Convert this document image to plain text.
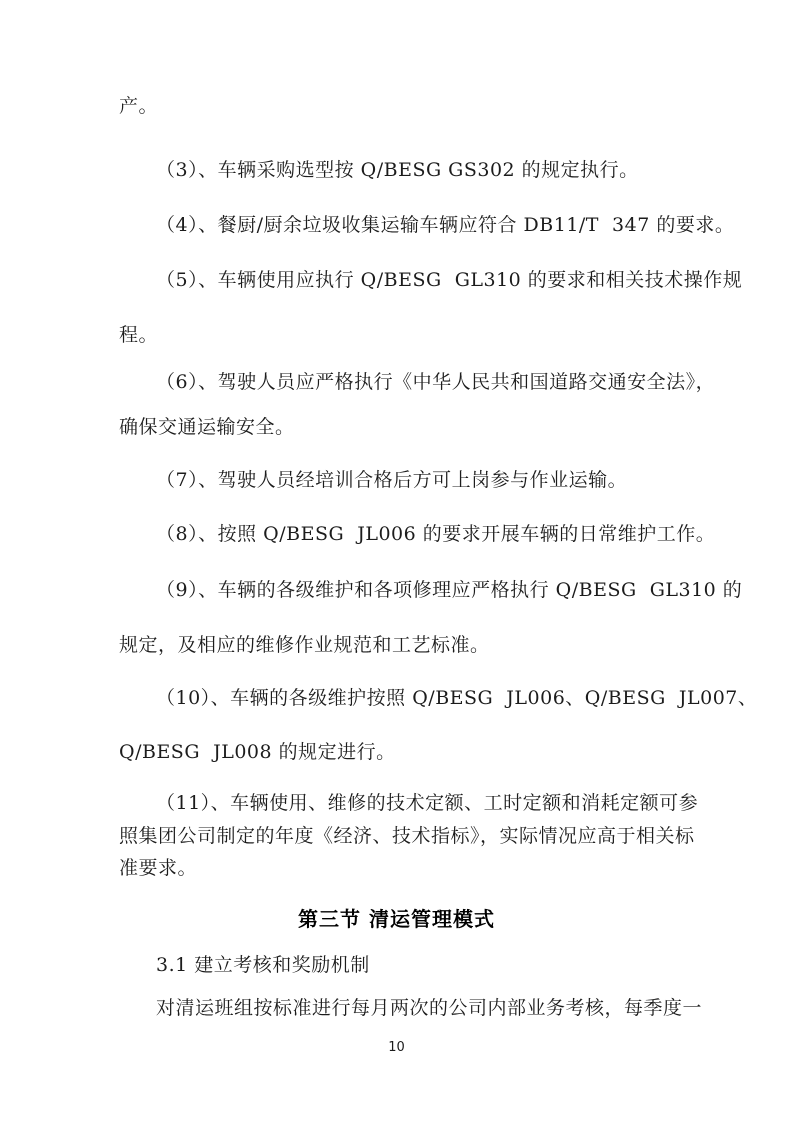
产。
（3）、车辆采购选型按 Q/BESG GS302 的规定执行。
（4）、餐厨/厨余垃圾收集运输车辆应符合 DB11/T  347 的要求。
（5）、车辆使用应执行 Q/BESG  GL310 的要求和相关技术操作规
程。
（6）、驾驶人员应严格执行《中华人民共和国道路交通安全法》，
确保交通运输安全。
（7）、驾驶人员经培训合格后方可上岗参与作业运输。
（8）、按照 Q/BESG  JL006 的要求开展车辆的日常维护工作。
（9）、车辆的各级维护和各项修理应严格执行 Q/BESG  GL310 的
规定，及相应的维修作业规范和工艺标准。
（10）、车辆的各级维护按照 Q/BESG  JL006、Q/BESG  JL007、
Q/BESG  JL008 的规定进行。
（11）、车辆使用、维修的技术定额、工时定额和消耗定额可参
照集团公司制定的年度《经济、技术指标》，实际情况应高于相关标
准要求。
第三节 清运管理模式
3.1 建立考核和奖励机制
对清运班组按标准进行每月两次的公司内部业务考核，每季度一
10
